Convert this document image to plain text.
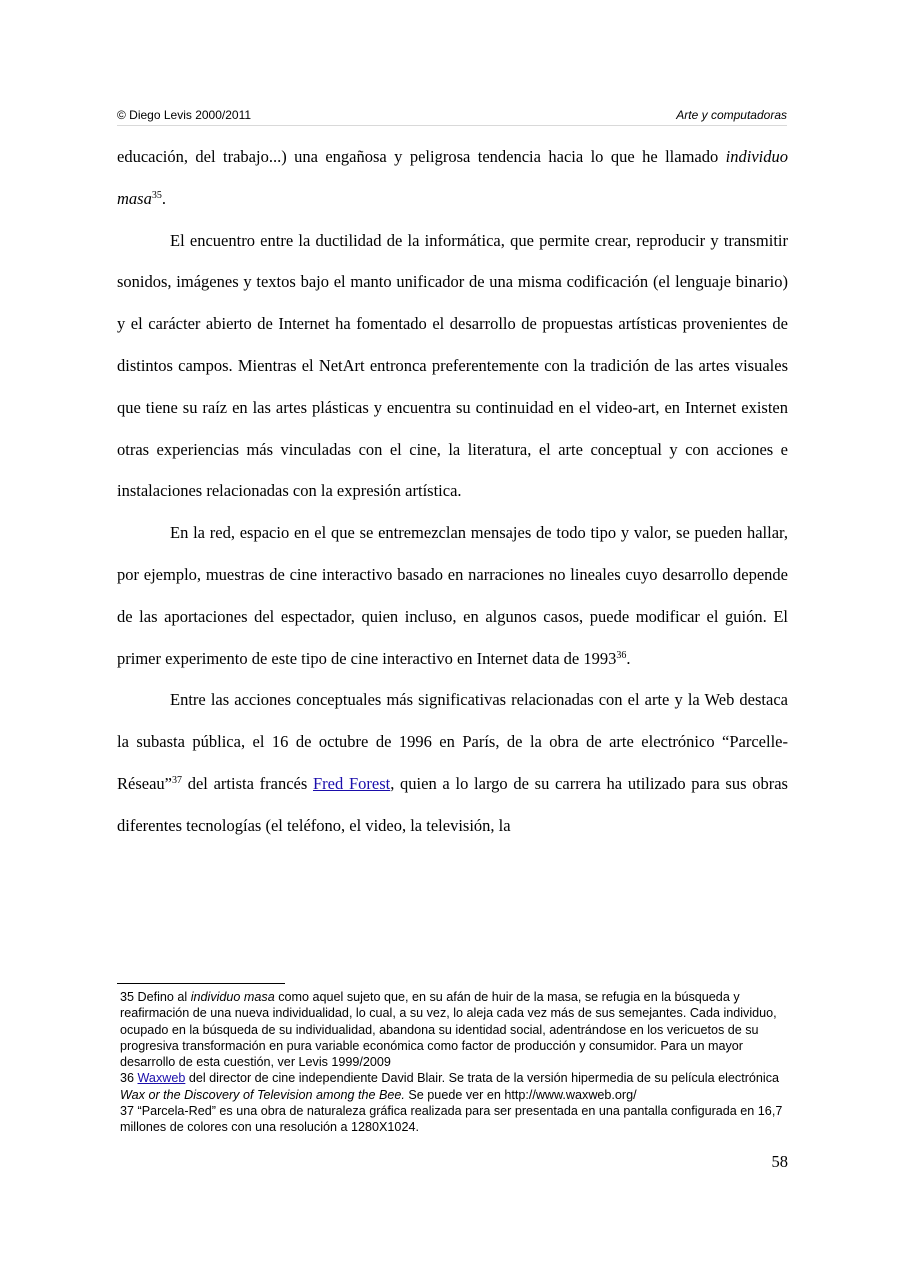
© Diego Levis 2000/2011	Arte y computadoras

educación, del trabajo...) una engañosa y peligrosa tendencia hacia lo que he llamado individuo masa$^{35}$.

El encuentro entre la ductilidad de la informática, que permite crear, reproducir y transmitir sonidos, imágenes y textos bajo el manto unificador de una misma codificación (el lenguaje binario) y el carácter abierto de Internet ha fomentado el desarrollo de propuestas artísticas provenientes de distintos campos. Mientras el NetArt entronca preferentemente con la tradición de las artes visuales que tiene su raíz en las artes plásticas y encuentra su continuidad en el video-art, en Internet existen otras experiencias más vinculadas con el cine, la literatura, el arte conceptual y con acciones e instalaciones relacionadas con la expresión artística.

En la red, espacio en el que se entremezclan mensajes de todo tipo y valor, se pueden hallar, por ejemplo, muestras de cine interactivo basado en narraciones no lineales cuyo desarrollo depende de las aportaciones del espectador, quien incluso, en algunos casos, puede modificar el guión. El primer experimento de este tipo de cine interactivo en Internet data de 1993$^{36}$.

Entre las acciones conceptuales más significativas relacionadas con el arte y la Web destaca la subasta pública, el 16 de octubre de 1996 en París, de la obra de arte electrónico “Parcelle-Réseau”$^{37}$ del artista francés Fred Forest, quien a lo largo de su carrera ha utilizado para sus obras diferentes tecnologías (el teléfono, el video, la televisión, la

35 Defino al individuo masa como aquel sujeto que, en su afán de huir de la masa, se refugia en la búsqueda y reafirmación de una nueva individualidad, lo cual, a su vez, lo aleja cada vez más de sus semejantes. Cada individuo, ocupado en la búsqueda de su individualidad, abandona su identidad social, adentrándose en los vericuetos de su progresiva transformación en pura variable económica como factor de producción y consumidor. Para un mayor desarrollo de esta cuestión, ver Levis 1999/2009

36 Waxweb del director de cine independiente David Blair. Se trata de la versión hipermedia de su película electrónica Wax or the Discovery of Television among the Bee. Se puede ver en http://www.waxweb.org/

37 “Parcela-Red” es una obra de naturaleza gráfica realizada para ser presentada en una pantalla configurada en 16,7 millones de colores con una resolución a 1280X1024.

58
